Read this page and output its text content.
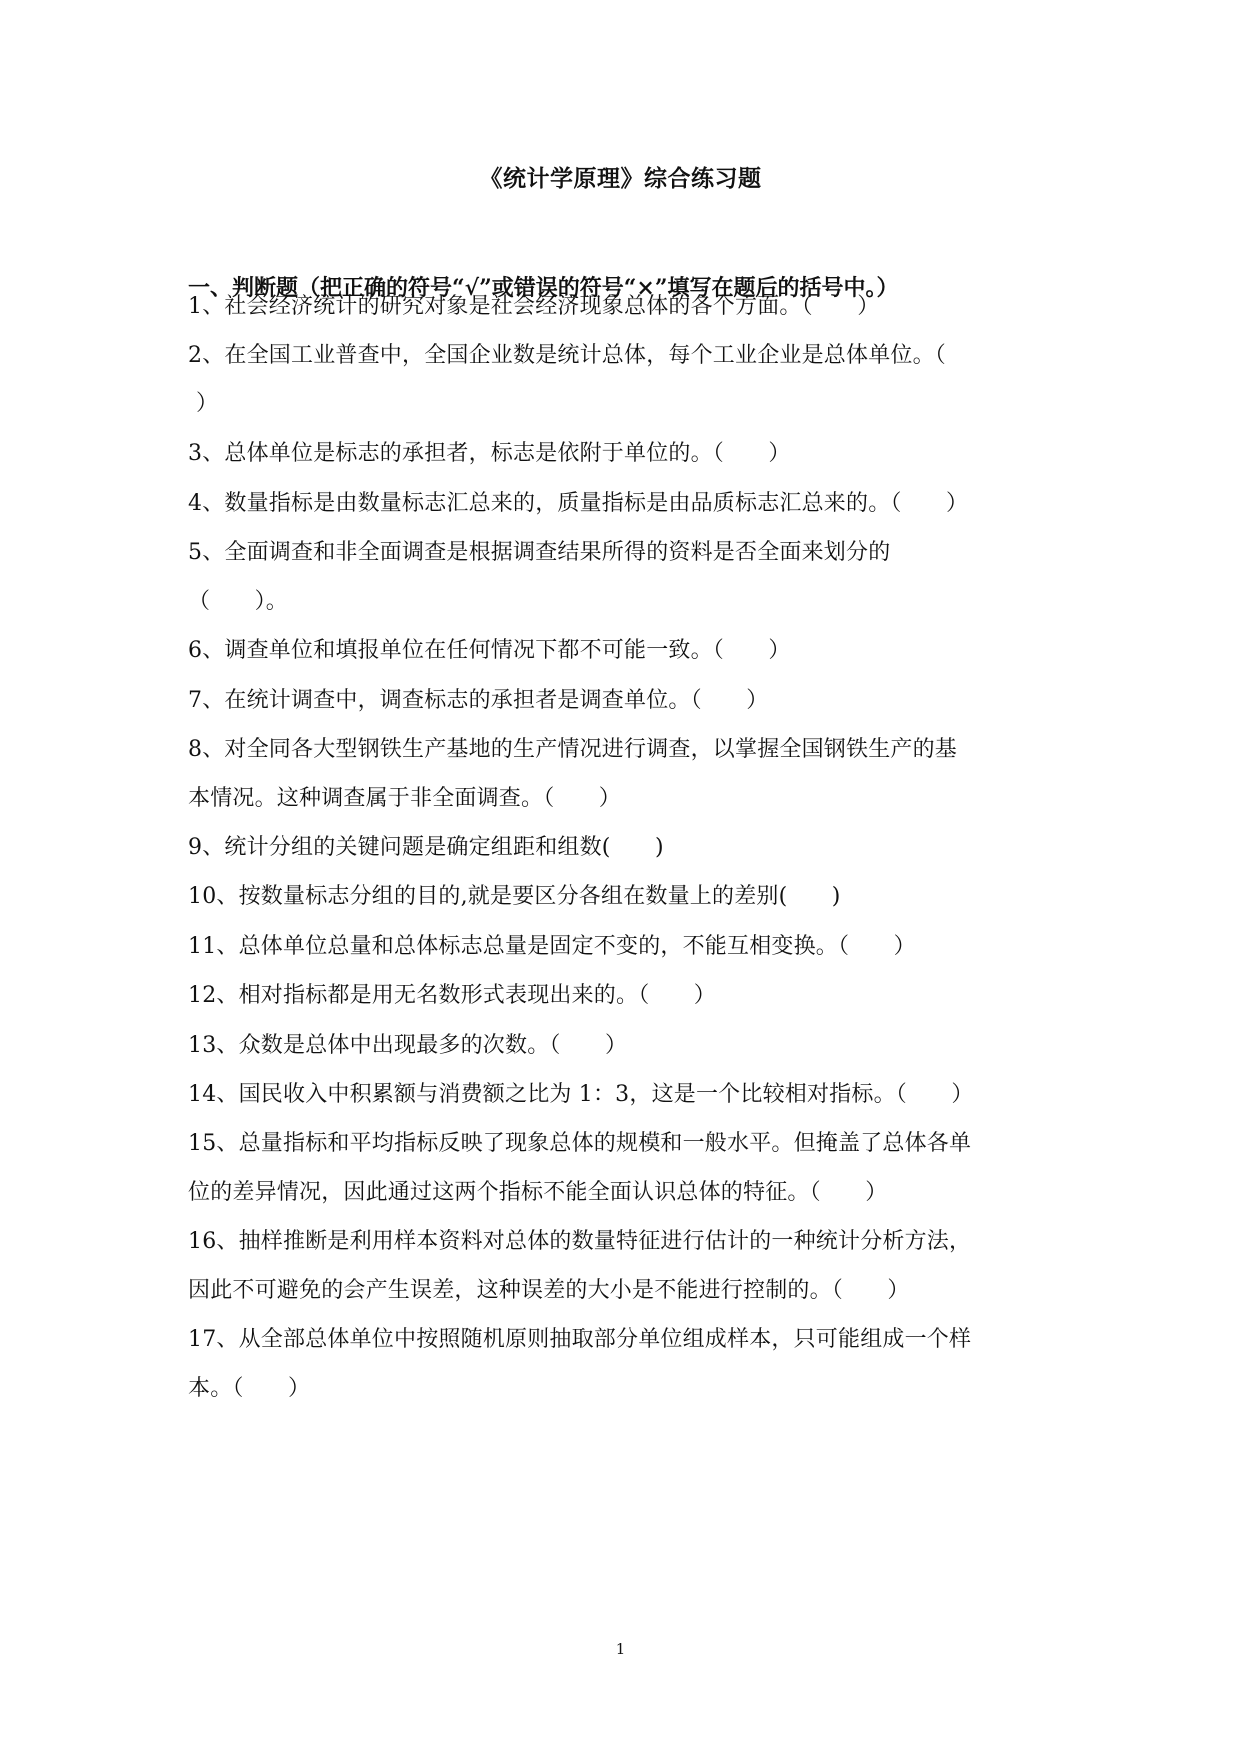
《统计学原理》综合练习题
一、判断题（把正确的符号“√”或错误的符号“×”填写在题后的括号中。）

1、社会经济统计的研究对象是社会经济现象总体的各个方面。（　　）

2、在全国工业普查中，全国企业数是统计总体，每个工业企业是总体单位。（
）

3、总体单位是标志的承担者，标志是依附于单位的。（　　）

4、数量指标是由数量标志汇总来的，质量指标是由品质标志汇总来的。（　　）

5、全面调查和非全面调查是根据调查结果所得的资料是否全面来划分的
（　　）。

6、调查单位和填报单位在任何情况下都不可能一致。（　　）

7、在统计调查中，调查标志的承担者是调查单位。（　　）

8、对全同各大型钢铁生产基地的生产情况进行调查，以掌握全国钢铁生产的基
本情况。这种调查属于非全面调查。（　　）

9、统计分组的关键问题是确定组距和组数(　　)

10、按数量标志分组的目的,就是要区分各组在数量上的差别(　　)

11、总体单位总量和总体标志总量是固定不变的，不能互相变换。（　　）

12、相对指标都是用无名数形式表现出来的。（　　）

13、众数是总体中出现最多的次数。（　　）

14、国民收入中积累额与消费额之比为 1：3，这是一个比较相对指标。（　　）

15、总量指标和平均指标反映了现象总体的规模和一般水平。但掩盖了总体各单
位的差异情况，因此通过这两个指标不能全面认识总体的特征。（　　）

16、抽样推断是利用样本资料对总体的数量特征进行估计的一种统计分析方法，
因此不可避免的会产生误差，这种误差的大小是不能进行控制的。（　　）

17、从全部总体单位中按照随机原则抽取部分单位组成样本，只可能组成一个样
本。（　　）

1
